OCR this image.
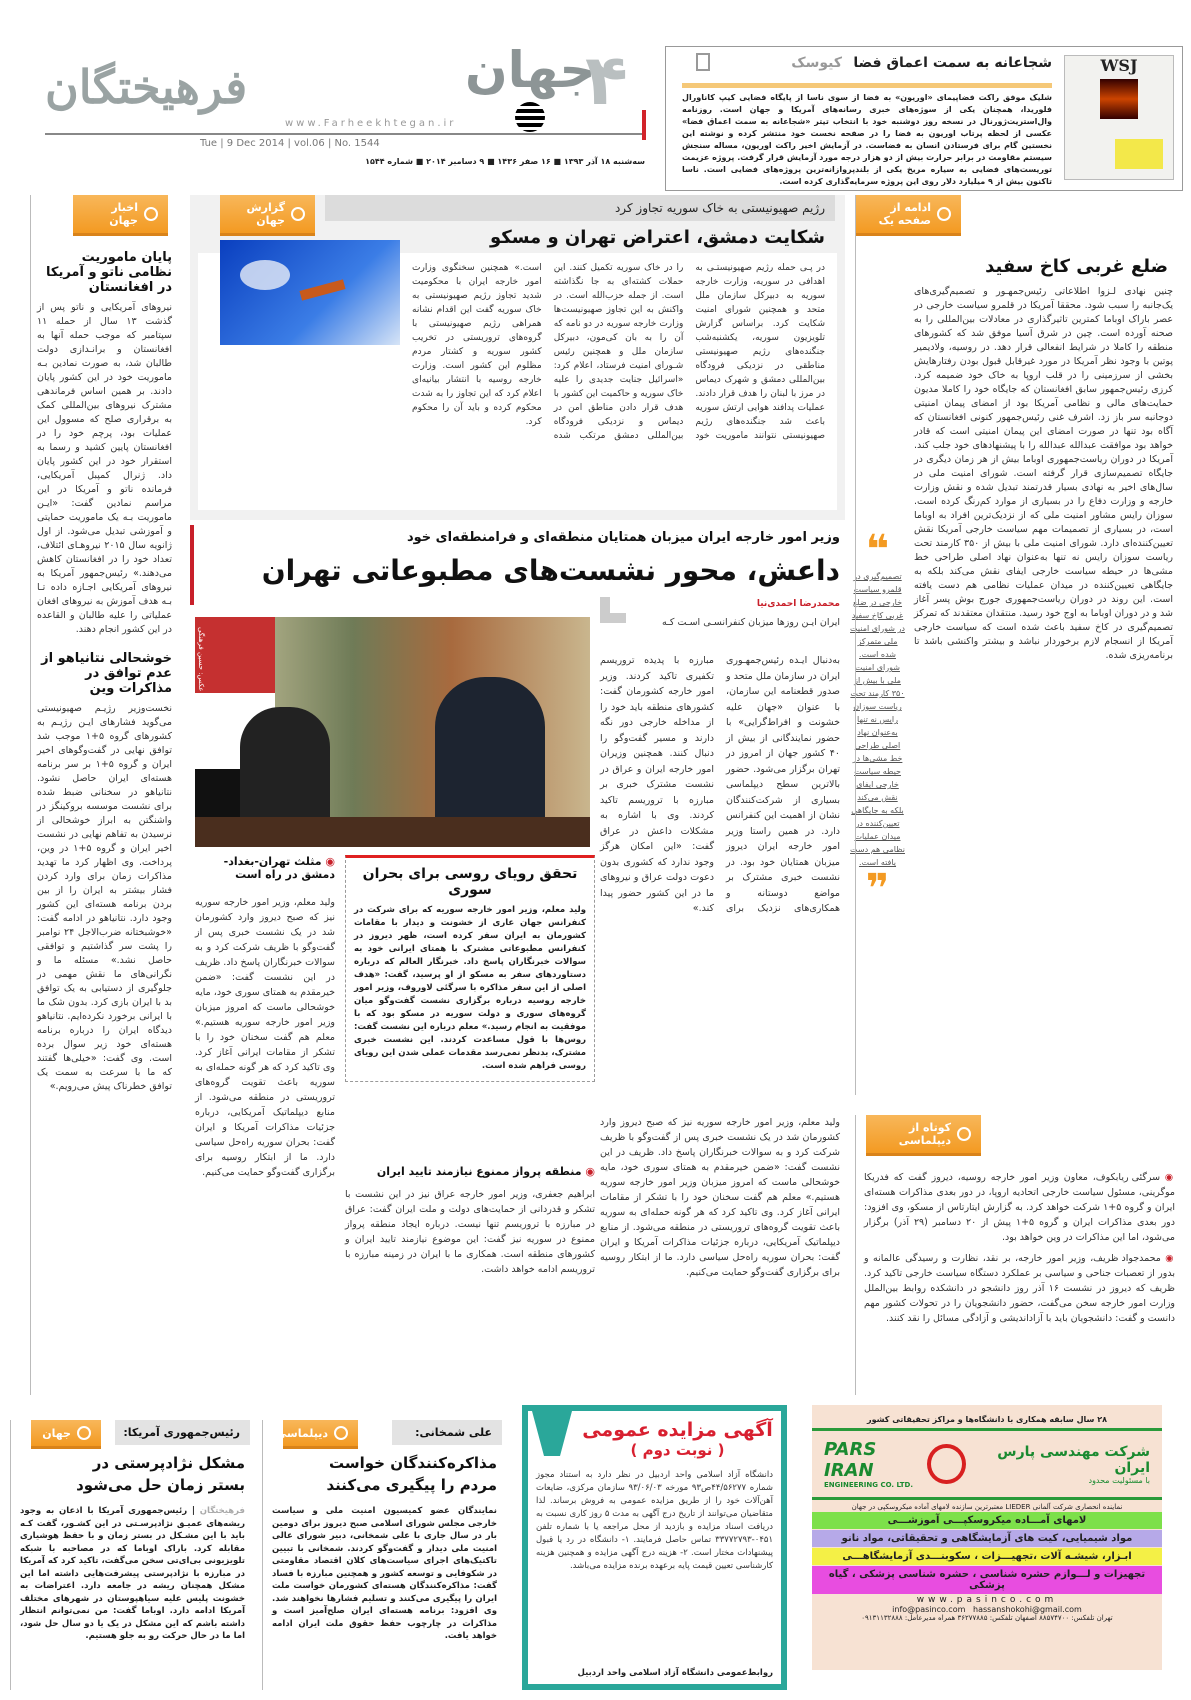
فرهیختگان
www.Farheekhtegan.ir
جهان
۴
Tue | 9 Dec 2014 | vol.06 | No. 1544
سه‌شنبه ۱۸ آذر ۱۳۹۳ ■ ۱۶ صفر ۱۴۳۶ ■ ۹ دسامبر ۲۰۱۴ ■ شماره ۱۵۴۴
WSJ
شجاعانه به سمت اعماق فضا
کیوسک
شلیک موفق راکت فضاپیمای «اوریون» به فضا از سوی ناسا از پایگاه فضایی کیپ کاناورال فلوریدا، همچنان یکی از سوژه‌های خبری رسانه‌های آمریکا و جهان است. روزنامه وال‌استریت‌ژورنال در نسخه روز دوشنبه خود با انتخاب تیتر «شجاعانه به سمت اعماق فضا» عکسی از لحظه پرتاب اوریون به فضا را در صفحه نخست خود منتشر کرده و نوشته این نخستین گام برای فرستادن انسان به فضاست. در آزمایش اخیر راکت اوریون، مساله سنجش سیستم مقاومت در برابر حرارت بیش از دو هزار درجه مورد آزمایش قرار گرفت. پروژه عزیمت توریست‌های فضایی به سیاره مریخ یکی از بلندپروازانه‌ترین پروژه‌های فضایی است. ناسا تاکنون بیش از ۹ میلیارد دلار روی این پروژه سرمایه‌گذاری کرده است.
اخبار جهان
پایان ماموریت نظامی ناتو و آمریکا در افغانستان
نیروهای آمریکایی و ناتو پس از گذشت ۱۳ سال از حمله ۱۱ سپتامبر که موجب حمله آنها به افغانستان و برانـدازی دولت طالبان شد، به صورت نمادین بـه ماموریت خود در این کشور پایان دادند. بر همین اساس فرماندهی مشترک نیروهای بین‌المللی کمک به برقراری صلح که مسوول این عملیات بود، پرچم خود را در افغانستان پایین کشید و رسما به استقرار خود در این کشور پایان داد. ژنرال کمپبل آمریکایی، فرمانده ناتو و آمریکا در این مراسم نمادین گفت: «ایـن ماموریت بـه یک ماموریت حمایتی و آموزشی تبدیل می‌شود. از اول ژانویه سال ۲۰۱۵ نیروهـای ائتلاف، تعداد خود را در افغانستان کاهش می‌دهند.» رئیس‌جمهور آمریکا به نیروهای آمریکایی اجـازه داده تـا بـه هدف آموزش به نیروهای افغان عملیاتی را علیه طالبان و القاعده در این کشور انجام دهند.
خوشحالی نتانیاهو از عدم توافق در مذاکرات وین
نخست‌وزیر رژیـم صهیونیستی می‌گوید فشارهای ایـن رژیـم به کشورهای گروه ۵+۱ موجب شد توافق نهایی در گفت‌وگوهای اخیر ایران و گروه ۵+۱ بر سر برنامه هسته‌ای ایران حاصل نشود. نتانیاهو در سخنانی ضبط شده برای نشست موسسه بروکینگز در واشنگتن به ابراز خوشحالی از نرسیدن به تفاهم نهایی در نشست اخیر ایران و گروه ۵+۱ در وین، پرداخت. وی اظهار کرد ما تهدید مذاکرات زمان برای وارد کردن فشار بیشتر به ایران را از بین بردن برنامه هسته‌ای این کشور وجود دارد. نتانیاهو در ادامه گفت: «خوشبختانه ضرب‌الاجل ۲۴ نوامبر را پشت سر گذاشتیم و توافقی حاصل نشد.» مسئله ما و نگرانی‌های ما نقش مهمی در جلوگیری از دستیابی به یک توافق بد با ایران بازی کرد. بدون شک ما با ایرانی برخورد نکرده‌ایم. نتانیاهو دیدگاه ایران را درباره برنامه هسته‌ای خود زیر سوال برده است. وی گفت: «خیلی‌ها گفتند که ما با سرعت به سمت یک توافق خطرناک پیش می‌رویم.»
گزارش جهان
رژیم صهیونیستی به خاک سوریه تجاوز کرد
شکایت دمشق، اعتراض تهران و مسکو
در پـی حمله رژیم صهیونیستـی به اهدافی در سوریه، وزارت خارجه سوریه به دبیرکل سازمان ملل متحد و همچنین شورای امنیت شکایت کرد. براساس گزارش تلویزیون سوریه، یکشنبه‌شب جنگنده‌های رژیم صهیونیستی مناطقی در نزدیکی فرودگاه بین‌المللی دمشق و شهرک دیماس در مرز با لبنان را هدف قرار دادند. عملیات پدافند هوایی ارتش سوریه باعث شد جنگنده‌های رژیم صهیونیستی نتوانند ماموریت خود را در خاک سوریه تکمیل کنند. این حملات کشته‌ای به جا نگذاشته است. از جمله حزب‌الله است. در واکنش به این تجاوز صهیونیست‌ها وزارت خارجه سوریه در دو نامه که آن را به بان کی‌مون، دبیرکل سازمان ملل و همچنین رئیس شـورای امنیت فرستاد، اعلام کرد: «اسرائیل جنایت جدیدی را علیه خاک سوریه و حاکمیت این کشور با هدف قرار دادن مناطق امن در دیماس و نزدیکی فرودگاه بین‌المللی دمشق مرتکب شده است.» همچنین سخنگوی وزارت امور خارجه ایران با محکومیت شدید تجاوز رژیم صهیونیستی به خاک سوریه گفت این اقدام نشانه همراهی رژیم صهیونیستی با گروه‌های تروریستی در تخریب کشور سوریه و کشتار مردم مظلوم این کشور است. وزارت خارجه روسیه با انتشار بیانیه‌ای اعلام کرد که این تجاوز را به شدت محکوم کرده و باید آن را محکوم کرد.
وزیر امور خارجه ایران میزبان همتایان منطقه‌ای و فرامنطقه‌ای خود
داعش، محور نشست‌های مطبوعاتی تهران
عکس: حسین فرهنگی
محمدرضا احمدی‌نیا
ایران ایـن روزها میزبان کنفرانسـی اسـت کـه
به‌دنبال ایـده رئیس‌جمهـوری ایران در سازمان ملل متحد و صدور قطعنامه این سازمان، با عنوان «جهان علیه خشونت و افراط‌گرایی» با حضور نمایندگانی از بیش از ۴۰ کشور جهان از امروز در تهران برگزار می‌شود. حضور بالاترین سطح دیپلماسی بسیاری از شرکت‌کنندگان نشان از اهمیت این کنفرانس دارد. در همین راستا وزیر امور خارجه ایران دیروز میزبان همتایان خود بود. در نشست خبری مشترک بر مواضع دوستانه و همکاری‌های نزدیک برای مبارزه با پدیده تروریسم تکفیری تاکید کردند. وزیر امور خارجه کشورمان گفت: کشورهای منطقه باید خود را از مداخله خارجی دور نگه دارند و مسیر گفت‌وگو را دنبال کنند. همچنین وزیران امور خارجه ایران و عراق در نشست مشترک خبری بر مبارزه با تروریسم تاکید کردند. وی با اشاره به مشکلات داعش در عراق گفت: «این امکان هرگز وجود ندارد که کشوری بدون دعوت دولت عراق و نیروهای ما در این کشور حضور پیدا کند.»
ولید معلم، وزیر امور خارجه سوریه نیز که صبح دیروز وارد کشورمان شد در یک نشست خبری پس از گفت‌وگو با ظریف شرکت کرد و به سوالات خبرنگاران پاسخ داد. ظریف در این نشست گفت: «ضمن خیرمقدم به همتای سوری خود، مایه خوشحالی ماست که امروز میزبان وزیر امور خارجه سوریه هستیم.» معلم هم گفت سخنان خود را با تشکر از مقامات ایرانی آغاز کرد. وی تاکید کرد که هر گونه حمله‌ای به سوریه باعث تقویت گروه‌های تروریستی در منطقه می‌شود. از منابع دیپلماتیک آمریکایی، درباره جزئیات مذاکرات آمریکا و ایران گفت: بحران سوریه راه‌حل سیاسی دارد. ما از ابتکار روسیه برای برگزاری گفت‌وگو حمایت می‌کنیم.
◉ مثلث تهران-بغداد-دمشق در راه است
ولید معلم، وزیر امور خارجه سوریه نیز که صبح دیروز وارد کشورمان شد در یک نشست خبری پس از گفت‌وگو با ظریف شرکت کرد و به سوالات خبرنگاران پاسخ داد. ظریف در این نشست گفت: «ضمن خیرمقدم به همتای سوری خود، مایه خوشحالی ماست که امروز میزبان وزیر امور خارجه سوریه هستیم.» معلم هم گفت سخنان خود را با تشکر از مقامات ایرانی آغاز کرد. وی تاکید کرد که هر گونه حمله‌ای به سوریه باعث تقویت گروه‌های تروریستی در منطقه می‌شود. از منابع دیپلماتیک آمریکایی، درباره جزئیات مذاکرات آمریکا و ایران گفت: بحران سوریه راه‌حل سیاسی دارد. ما از ابتکار روسیه برای برگزاری گفت‌وگو حمایت می‌کنیم.
تحقق رویای روسی برای بحران سوری
ولید معلم، وزیر امور خارجه سوریه که برای شرکت در کنفرانس جهان عاری از خشونت و دیدار با مقامات کشورمان به ایران سفر کرده است، ظهر دیروز در کنفرانس مطبوعاتی مشترک با همتای ایرانی خود به سوالات خبرنگاران پاسخ داد. خبرنگار العالم که درباره دستاوردهای سفر به مسکو از او پرسید، گفت: «هدف اصلی از این سفر مذاکره با سرگئی لاوروف، وزیر امور خارجه روسیه درباره برگزاری نشست گفت‌وگو میان گروه‌های سوری و دولت سوریه در مسکو بود که با موفقیت به انجام رسید.» معلم درباره این نشست گفت: روس‌ها با قول مساعدت کردند. این نشست خبری مشترک، بدنظر نمی‌رسد مقدمات عملی شدن این رویای روسی فراهم شده است.
◉ منطقه پرواز ممنوع نیازمند تایید ایران
ابراهیم جعفری، وزیر امور خارجه عراق نیز در این نشست با تشکر و قدردانی از حمایت‌های دولت و ملت ایران گفت: عراق در مبارزه با تروریسم تنها نیست. درباره ایجاد منطقه پرواز ممنوع در سوریه نیز گفت: این موضوع نیازمند تایید ایران و کشورهای منطقه است. همکاری ما با ایران در زمینه مبارزه با تروریسم ادامه خواهد داشت.
❝
تصمیم‌گیری در قلمرو سیاست خارجی در ضلع غربی کاخ سفید در شورای امنیت ملی متمرکز شده است. شورای امنیت ملی با بیش از ۳۵۰ کارمند تحت ریاست سوزان رایس نه تنها به‌عنوان نهاد اصلی طراحی خط مشی‌ها در حیطه سیاست خارجی ایفای نقش می‌کند بلکه به جایگاهی تعیین‌کننده در میدان عملیات نظامی هم دست یافته است.
❞
ادامه از صفحه یک
ضلع غربی کاخ سفید
چنین نهادی لـزوا اطلاعاتی رئیس‌جمهـور و تصمیم‌گیری‌های یک‌جانبه را سبب شود. محققا آمریکا در قلمرو سیاست خارجی در عصر باراک اوباما کمترین تاثیرگذاری در معادلات بین‌المللی را به صحنه آورده است. چین در شرق آسیا موفق شد که کشورهای منطقه را کاملا در شرایط انفعالی قرار دهد. در روسیه، ولادیمیر پوتین با وجود نظر آمریکا در مورد غیرقابل قبول بودن رفتارهایش بخشی از سرزمینی را در قلب اروپا به خاک خود ضمیمه کرد. کرزی رئیس‌جمهور سابق افغانستان که جایگاه خود را کاملا مدیون حمایت‌های مالی و نظامی آمریکا بود از امضای پیمان امنیتی دوجانبه سر باز زد. اشرف غنی رئیس‌جمهور کنونی افغانستان که آگاه بود تنها در صورت امضای این پیمان امنیتی است که قادر خواهد بود موافقت عبدالله عبدالله را با پیشنهادهای خود جلب کند. آمریکا در دوران ریاست‌جمهوری اوباما بیش از هر زمان دیگری در جایگاه تصمیم‌سازی قرار گرفته است. شورای امنیت ملی در سال‌های اخیر به نهادی بسیار قدرتمند تبدیل شده و نقش وزارت خارجه و وزارت دفاع را در بسیاری از موارد کم‌رنگ کرده است. سوزان رایس مشاور امنیت ملی که از نزدیک‌ترین افراد به اوباما است، در بسیاری از تصمیمات مهم سیاست خارجی آمریکا نقش تعیین‌کننده‌ای دارد. شورای امنیت ملی با بیش از ۳۵۰ کارمند تحت ریاست سوزان رایس نه تنها به‌عنوان نهاد اصلی طراحی خط مشی‌ها در حیطه سیاست خارجی ایفای نقش می‌کند بلکه به جایگاهی تعیین‌کننده در میدان عملیات نظامی هم دست یافته است. این روند در دوران ریاست‌جمهوری جورج بوش پسر آغاز شد و در دوران اوباما به اوج خود رسید. منتقدان معتقدند که تمرکز تصمیم‌گیری در کاخ سفید باعث شده است که سیاست خارجی آمریکا از انسجام لازم برخوردار نباشد و بیشتر واکنشی باشد تا برنامه‌ریزی شده.
کوتاه از دیپلماسی
◉ سرگئی ریابکوف، معاون وزیر امور خارجه روسیه، دیروز گفت که فدریکا موگرینی، مسئول سیاست خارجی اتحادیه اروپا، در دور بعدی مذاکرات هسته‌ای ایران و گروه ۵+۱ شرکت خواهد کرد. به گزارش ایتارتاس از مسکو، وی افزود: دور بعدی مذاکرات ایران و گروه ۵+۱ پیش از ۲۰ دسامبر (۲۹ آذر) برگزار می‌شود، اما این مذاکرات در وین خواهد بود.
◉ محمدجواد ظریف، وزیر امور خارجه، بر نقد، نظارت و رسیدگی عالمانه و بدور از تعصبات جناحی و سیاسی بر عملکرد دستگاه سیاست خارجی تاکید کرد. ظریف که دیروز در نشست ۱۶ آذر روز دانشجو در دانشکده روابط بین‌الملل وزارت امور خارجه سخن می‌گفت، حضور دانشجویان را در تحولات کشور مهم دانست و گفت: دانشجویان باید با آزاداندیشی و آزادگی مسائل را نقد کنند.
جهان	رئیس‌جمهوری آمریکا:
مشکل نژادپرستی در بستر زمان حل می‌شود
فرهیختگان | رئیس‌جمهوری آمریکا با اذعان به وجود ریشه‌های عمیـق نژادپرسـتی در این کشـور، گفت کـه باید با این مشـکل در بستر زمان و با حفظ هوشیاری مقابله کرد. باراک اوباما که در مصاحبه با شبکه تلویزیونی بی‌ای‌تی سخن می‌گفت، تاکید کرد که آمریکا در مبارزه با نژادپرستی پیشرفت‌هایی داشته اما این مشکل همچنان ریشه در جامعه دارد. اعتراضات به خشونت پلیس علیه سیاهپوستان در شهرهای مختلف آمریکا ادامه دارد. اوباما گفت: من نمی‌توانم انتظار داشته باشم که این مشکل در یک یا دو سال حل شود، اما ما در حال حرکت رو به جلو هستیم.
دیپلماسی	علی شمخانی:
مذاکره‌کنندگان خواست مردم را پیگیری می‌کنند
نمایندگان عضو کمیسیون امنیت ملی و سیاست خارجی مجلس شورای اسلامی صبح دیروز برای دومین بار در سال جاری با علی شمخانی، دبیر شورای عالی امنیت ملی دیدار و گفت‌وگو کردند. شمخانی با تبیین تاکتیک‌های اجرای سیاست‌های کلان اقتصاد مقاومتی در شکوفایی و توسعه کشور و همچنین مبارزه با فساد گفت: مذاکره‌کنندگان هسته‌ای کشورمان خواست ملت ایران را پیگیری می‌کنند و تسلیم فشارها نخواهند شد. وی افزود: برنامه هسته‌ای ایران صلح‌آمیز است و مذاکرات در چارچوب حفظ حقوق ملت ایران ادامه خواهد یافت.
آگهی مزایده عمومی
( نوبت دوم )
دانشگاه آزاد اسلامی واحد اردبیل در نظر دارد به استناد مجوز شماره ۴۴/۵۶۲۷۷ص۹۳ مورخه ۹۳/۰۶/۰۳ سازمان مرکزی، ضایعات آهن‌آلات خود را از طریق مزایده عمومی به فروش برساند. لذا متقاضیان می‌توانند از تاریخ درج آگهی به مدت ۵ روز کاری نسبت به دریافت اسناد مزایده و بازدید از محل مراجعه یا با شماره تلفن ۰۴۵۱-۳۳۷۷۲۷۹۳ تماس حاصل فرمایند. ۱- دانشگاه در رد یا قبول پیشنهادات مختار است. ۲- هزینه درج آگهی مزایده و همچنین هزینه کارشناسی تعیین قیمت پایه برعهده برنده مزایده می‌باشد.
روابط‌عمومی دانشگاه آزاد اسلامی واحد اردبیل
۲۸ سال سابقه همکاری با دانشگاه‌ها و مراکز تحقیقاتی کشور
PARS IRAN
ENGINEERING CO. LTD.
شرکت مهندسی پارس ایران
با مسئولیت محدود
نماینده انحصاری شرکت آلمانی LIEDER معتبرترین سازنده لامهای آماده میکروسکپی در جهان
لامهای آمـــاده میکروسکپـــی آموزشـــی
مواد شیمیایی، کیت های آزمایشگاهی و تحقیقاتی، مواد نانو
ابـزار، شیشـه آلات ،تجهیـــزات ، سکوبنـــدی آزمایشگاهـــی
تجهیزات و لـــوازم حشره شناسی ، حشره شناسی پزشکی ، گیاه پزشکی
www.pasinco.com
info@pasinco.com hassanshokohi@gmail.com
تهران تلفکس: ۸۸۵۷۴۷۰۰ اصفهان تلفکس: ۳۶۲۷۷۸۸۵ همراه مدیرعامل: ۰۹۱۳۱۱۳۲۸۸۸
